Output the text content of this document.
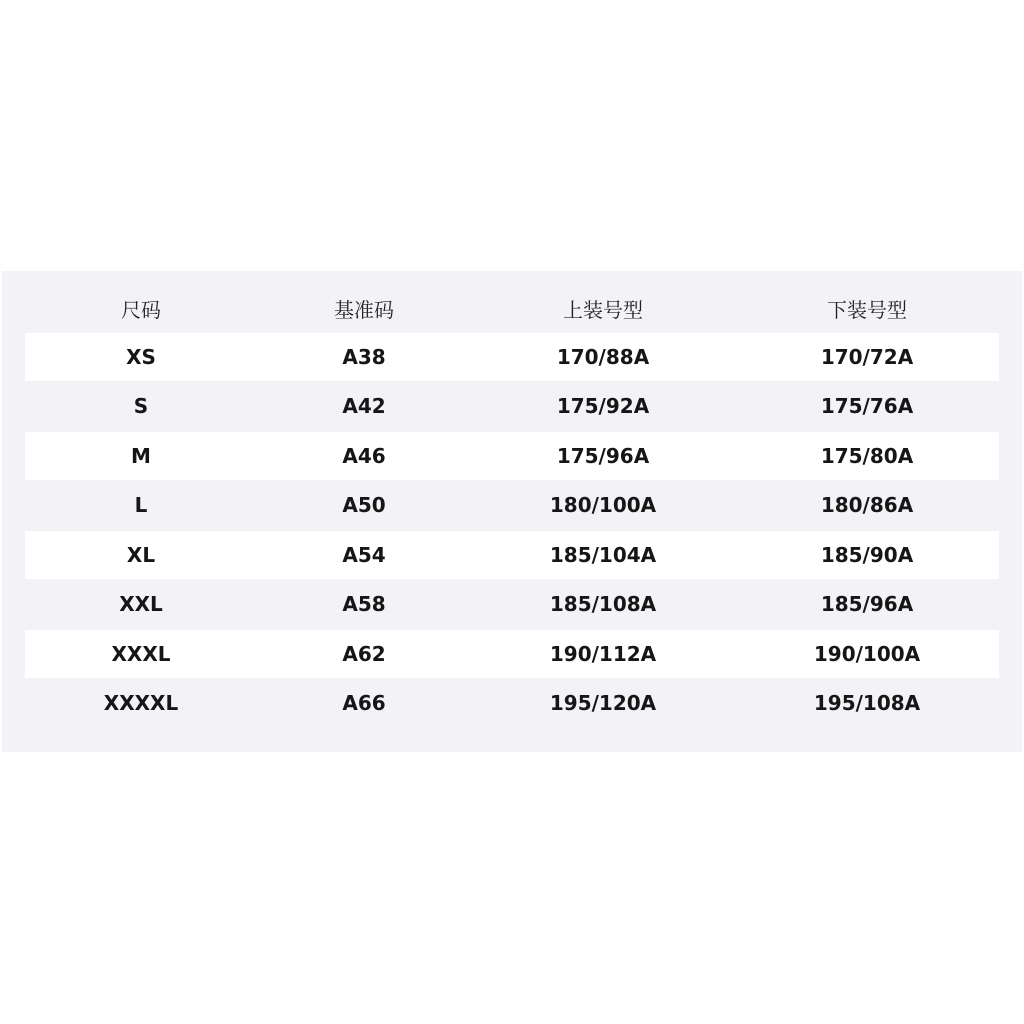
尺码	基准码	上装号型	下装号型
XS	A38	170/88A	170/72A
S	A42	175/92A	175/76A
M	A46	175/96A	175/80A
L	A50	180/100A	180/86A
XL	A54	185/104A	185/90A
XXL	A58	185/108A	185/96A
XXXL	A62	190/112A	190/100A
XXXXL	A66	195/120A	195/108A
